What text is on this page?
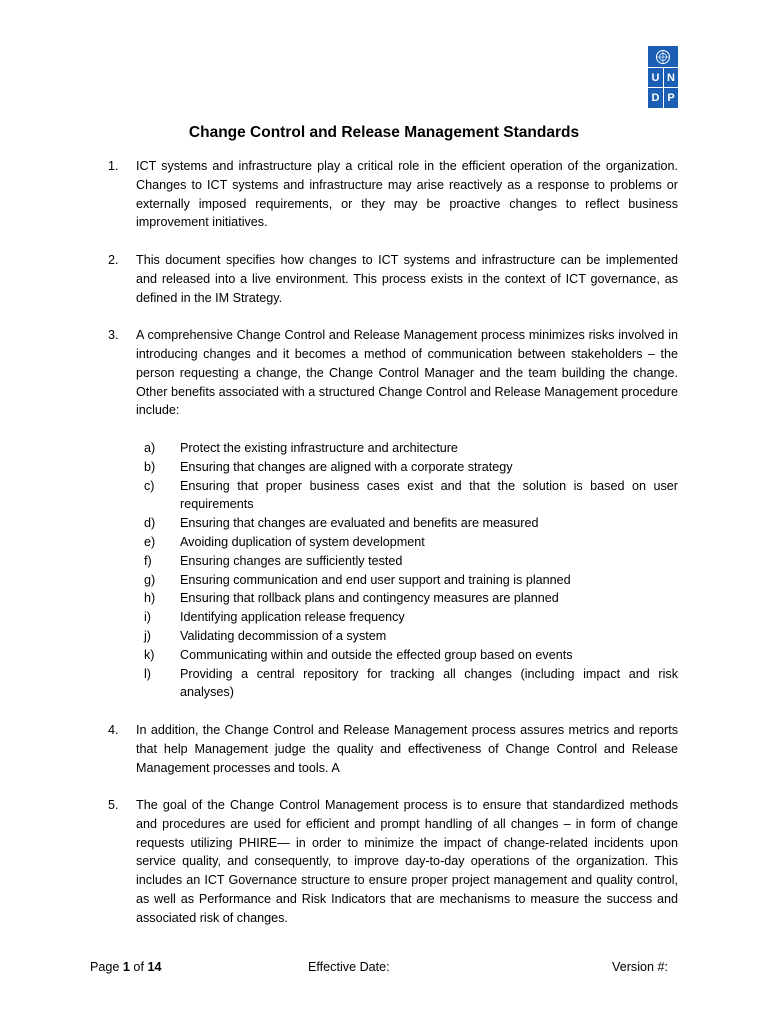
U N
D P
Change Control and Release Management Standards
1.	ICT systems and infrastructure play a critical role in the efficient operation of the organization. Changes to ICT systems and infrastructure may arise reactively as a response to problems or externally imposed requirements, or they may be proactive changes to reflect business improvement initiatives.
2.	This document specifies how changes to ICT systems and infrastructure can be implemented and released into a live environment. This process exists in the context of ICT governance, as defined in the IM Strategy.
3.	A comprehensive Change Control and Release Management process minimizes risks involved in introducing changes and it becomes a method of communication between stakeholders – the person requesting a change, the Change Control Manager and the team building the change. Other benefits associated with a structured Change Control and Release Management procedure include:
a)	Protect the existing infrastructure and architecture
b)	Ensuring that changes are aligned with a corporate strategy
c)	Ensuring that proper business cases exist and that the solution is based on user requirements
d)	Ensuring that changes are evaluated and benefits are measured
e)	Avoiding duplication of system development
f)	Ensuring changes are sufficiently tested
g)	Ensuring communication and end user support and training is planned
h)	Ensuring that rollback plans and contingency measures are planned
i)	Identifying application release frequency
j)	Validating decommission of a system
k)	Communicating within and outside the effected group based on events
l)	Providing a central repository for tracking all changes (including impact and risk analyses)
4.	In addition, the Change Control and Release Management process assures metrics and reports that help Management judge the quality and effectiveness of Change Control and Release Management processes and tools. A
5.	The goal of the Change Control Management process is to ensure that standardized methods and procedures are used for efficient and prompt handling of all changes – in form of change requests utilizing PHIRE— in order to minimize the impact of change-related incidents upon service quality, and consequently, to improve day-to-day operations of the organization. This includes an ICT Governance structure to ensure proper project management and quality control, as well as Performance and Risk Indicators that are mechanisms to measure the success and associated risk of changes.
Page 1 of 14	Effective Date:	Version #:
